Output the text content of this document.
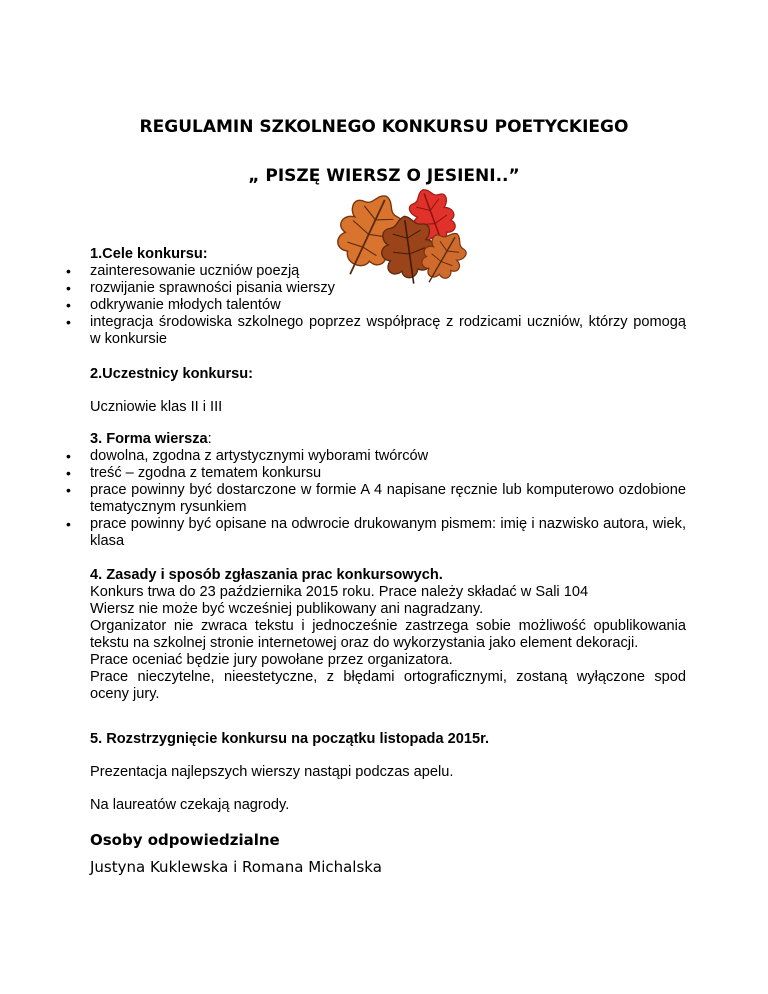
REGULAMIN SZKOLNEGO KONKURSU POETYCKIEGO
„ PISZĘ WIERSZ O JESIENI..”
1.Cele konkursu:
• zainteresowanie uczniów poezją
• rozwijanie sprawności pisania wierszy
• odkrywanie młodych talentów
• integracja środowiska szkolnego poprzez współpracę z rodzicami uczniów, którzy pomogą w konkursie
2.Uczestnicy konkursu:
Uczniowie klas II i III
3. Forma wiersza:
• dowolna, zgodna z artystycznymi wyborami twórców
• treść – zgodna z tematem konkursu
• prace powinny być dostarczone w formie A 4 napisane ręcznie lub komputerowo ozdobione tematycznym rysunkiem
• prace powinny być opisane na odwrocie drukowanym pismem: imię i nazwisko autora, wiek, klasa
4. Zasady i sposób zgłaszania prac konkursowych.
Konkurs trwa do 23 października 2015 roku. Prace należy składać w Sali 104
Wiersz nie może być wcześniej publikowany ani nagradzany.
Organizator nie zwraca tekstu i jednocześnie zastrzega sobie możliwość opublikowania tekstu na szkolnej stronie internetowej oraz do wykorzystania jako element dekoracji.
Prace oceniać będzie jury powołane przez organizatora.
Prace nieczytelne, nieestetyczne, z błędami ortograficznymi, zostaną wyłączone spod oceny jury.
5. Rozstrzygnięcie konkursu na początku listopada 2015r.
Prezentacja najlepszych wierszy nastąpi podczas apelu.
Na laureatów czekają nagrody.
Osoby odpowiedzialne
Justyna Kuklewska i Romana Michalska
